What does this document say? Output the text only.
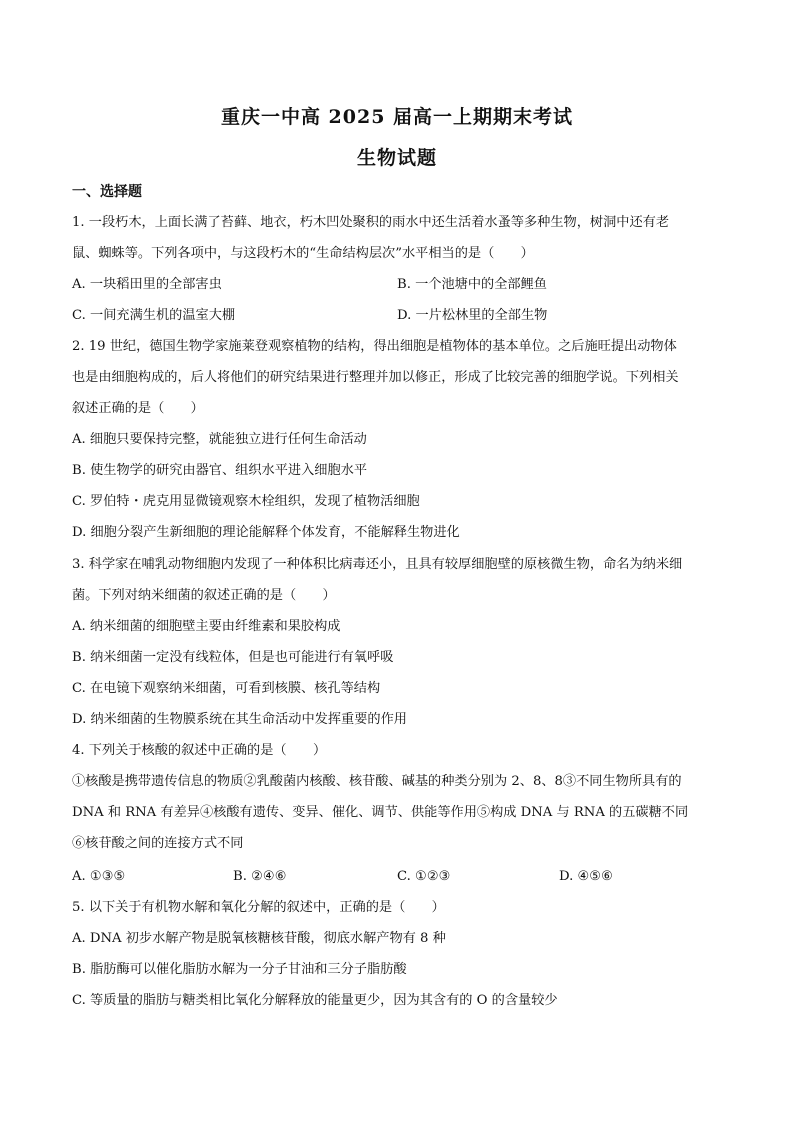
重庆一中高 2025 届高一上期期末考试
生物试题
一、选择题
1. 一段朽木，上面长满了苔藓、地衣，朽木凹处聚积的雨水中还生活着水蚤等多种生物，树洞中还有老
鼠、蜘蛛等。下列各项中，与这段朽木的“生命结构层次”水平相当的是（　　）
A. 一块稻田里的全部害虫	B. 一个池塘中的全部鲤鱼
C. 一间充满生机的温室大棚	D. 一片松林里的全部生物
2. 19 世纪，德国生物学家施莱登观察植物的结构，得出细胞是植物体的基本单位。之后施旺提出动物体
也是由细胞构成的，后人将他们的研究结果进行整理并加以修正，形成了比较完善的细胞学说。下列相关
叙述正确的是（　　）
A. 细胞只要保持完整，就能独立进行任何生命活动
B. 使生物学的研究由器官、组织水平进入细胞水平
C. 罗伯特・虎克用显微镜观察木栓组织，发现了植物活细胞
D. 细胞分裂产生新细胞的理论能解释个体发育，不能解释生物进化
3. 科学家在哺乳动物细胞内发现了一种体积比病毒还小，且具有较厚细胞壁的原核微生物，命名为纳米细
菌。下列对纳米细菌的叙述正确的是（　　）
A. 纳米细菌的细胞壁主要由纤维素和果胶构成
B. 纳米细菌一定没有线粒体，但是也可能进行有氧呼吸
C. 在电镜下观察纳米细菌，可看到核膜、核孔等结构
D. 纳米细菌的生物膜系统在其生命活动中发挥重要的作用
4. 下列关于核酸的叙述中正确的是（　　）
①核酸是携带遗传信息的物质②乳酸菌内核酸、核苷酸、碱基的种类分别为 2、8、8③不同生物所具有的
DNA 和 RNA 有差异④核酸有遗传、变异、催化、调节、供能等作用⑤构成 DNA 与 RNA 的五碳糖不同
⑥核苷酸之间的连接方式不同
A. ①③⑤	B. ②④⑥	C. ①②③	D. ④⑤⑥
5. 以下关于有机物水解和氧化分解的叙述中，正确的是（　　）
A. DNA 初步水解产物是脱氧核糖核苷酸，彻底水解产物有 8 种
B. 脂肪酶可以催化脂肪水解为一分子甘油和三分子脂肪酸
C. 等质量的脂肪与糖类相比氧化分解释放的能量更少，因为其含有的 O 的含量较少
